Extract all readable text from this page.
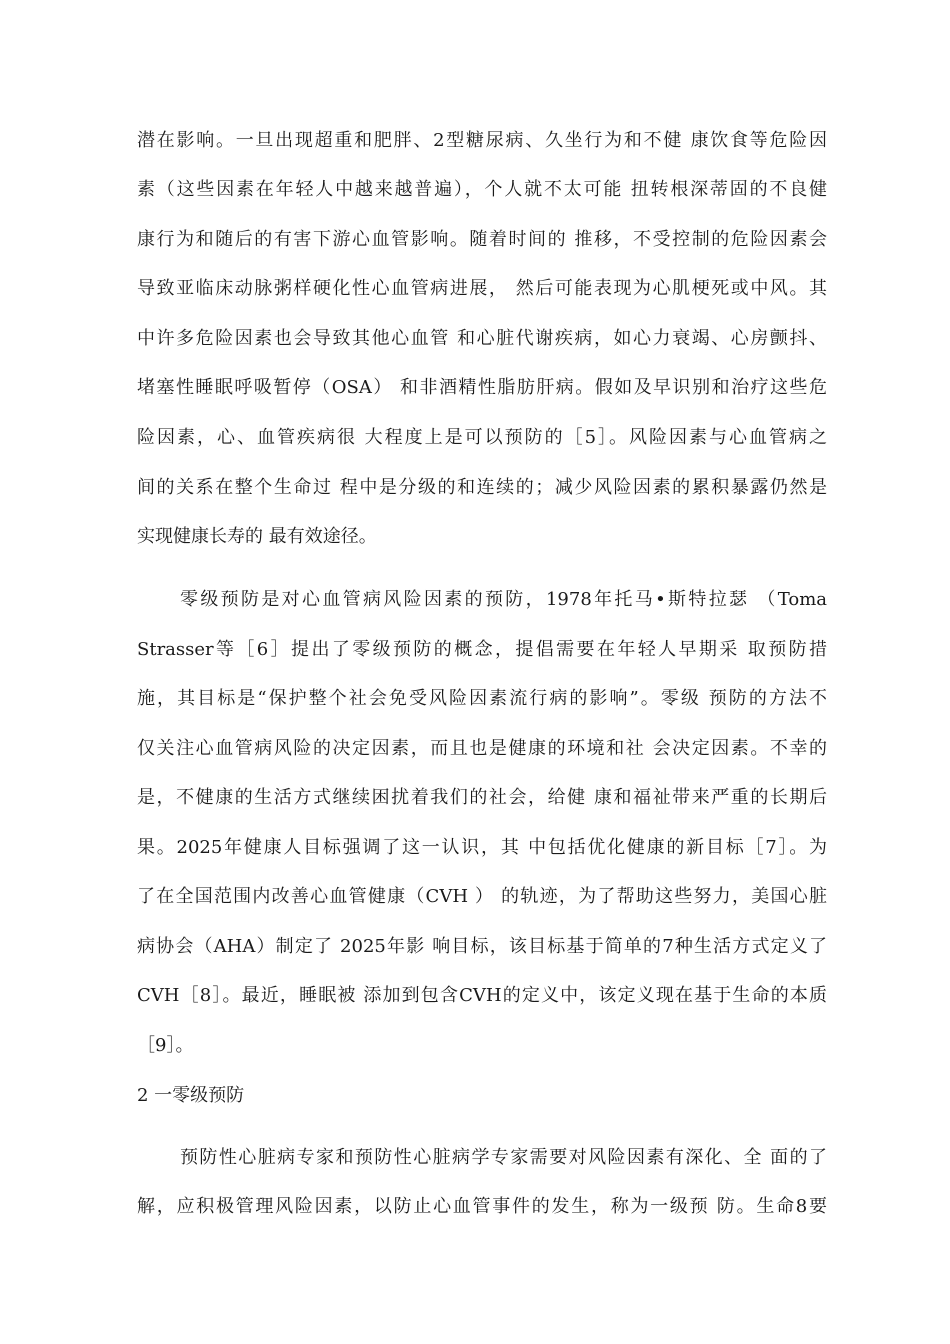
潜在影响。一旦出现超重和肥胖、2型糖尿病、久坐行为和不健 康饮食等危险因
素（这些因素在年轻人中越来越普遍），个人就不太可能 扭转根深蒂固的不良健
康行为和随后的有害下游心血管影响。随着时间的 推移，不受控制的危险因素会
导致亚临床动脉粥样硬化性心血管病进展， 然后可能表现为心肌梗死或中风。其
中许多危险因素也会导致其他心血管 和心脏代谢疾病，如心力衰竭、心房颤抖、
堵塞性睡眠呼吸暂停（OSA） 和非酒精性脂肪肝病。假如及早识别和治疗这些危
险因素，心、血管疾病很 大程度上是可以预防的［5］。风险因素与心血管病之
间的关系在整个生命过 程中是分级的和连续的；减少风险因素的累积暴露仍然是
实现健康长寿的 最有效途径。
零级预防是对心血管病风险因素的预防，1978年托马•斯特拉瑟 （Toma
Strasser等［6］提出了零级预防的概念，提倡需要在年轻人早期采 取预防措
施，其目标是“保护整个社会免受风险因素流行病的影响”。零级 预防的方法不
仅关注心血管病风险的决定因素，而且也是健康的环境和社 会决定因素。不幸的
是，不健康的生活方式继续困扰着我们的社会，给健 康和福祉带来严重的长期后
果。2025年健康人目标强调了这一认识，其 中包括优化健康的新目标［7］。为
了在全国范围内改善心血管健康（CVH ） 的轨迹，为了帮助这些努力，美国心脏
病协会（AHA）制定了 2025年影 响目标，该目标基于简单的7种生活方式定义了
CVH［8］。最近，睡眠被 添加到包含CVH的定义中，该定义现在基于生命的本质
［9］。
2 一零级预防
预防性心脏病专家和预防性心脏病学专家需要对风险因素有深化、全 面的了
解，应积极管理风险因素，以防止心血管事件的发生，称为一级预 防。生命8要
